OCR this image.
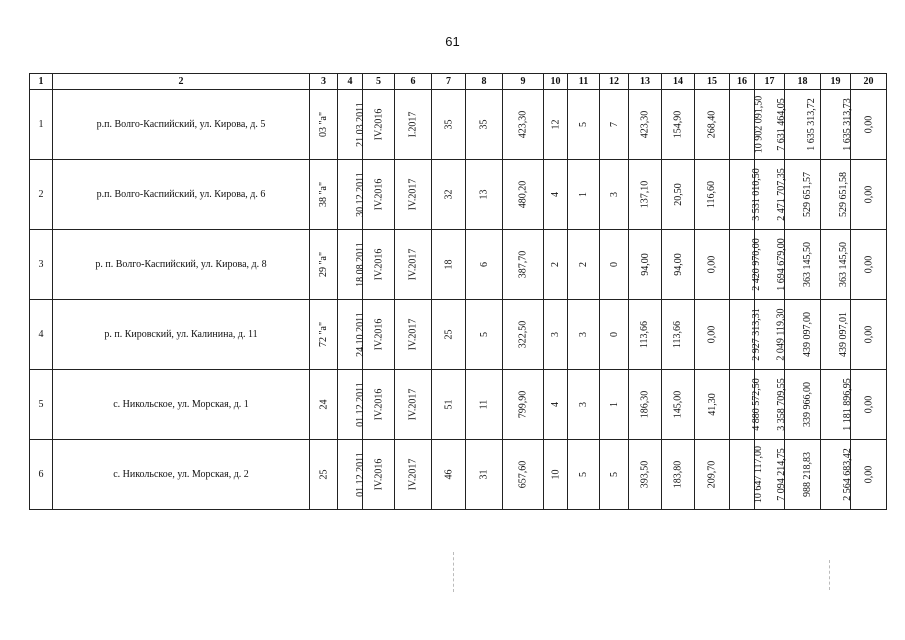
61
1	2	3	4	5	6	7	8	9	10	11	12	13	14	15	16	17	18	19	20
1	р.п. Волго-Каспийский, ул. Кирова, д. 5	03 "а"	21.03.2011	IV.2016	I.2017	35	35	423,30	12	5	7	423,30	154,90	268,40	10 902 091,50	7 631 464,05	1 635 313,72	1 635 313,73	0,00
2	р.п. Волго-Каспийский, ул. Кирова, д. 6	38 "а"	30.12.2011	IV.2016	IV.2017	32	13	480,20	4	1	3	137,10	20,50	116,60	3 531 010,50	2 471 707,35	529 651,57	529 651,58	0,00
3	р. п. Волго-Каспийский, ул. Кирова, д. 8	29 "а"	18.08.2011	IV.2016	IV.2017	18	6	387,70	2	2	0	94,00	94,00	0,00	2 420 970,00	1 694 679,00	363 145,50	363 145,50	0,00
4	р. п. Кировский, ул. Калинина, д. 11	72 "а"	24.10.2011	IV.2016	IV.2017	25	5	322,50	3	3	0	113,66	113,66	0,00	2 927 313,31	2 049 119,30	439 097,00	439 097,01	0,00
5	с. Никольское, ул. Морская, д. 1	24	01.12.2011	IV.2016	IV.2017	51	11	799,90	4	3	1	186,30	145,00	41,30	4 880 572,50	3 358 709,55	339 966,00	1 181 896,95	0,00
6	с. Никольское, ул. Морская, д. 2	25	01.12.2011	IV.2016	IV.2017	46	31	657,60	10	5	5	393,50	183,80	209,70	10 647 117,00	7 094 214,75	988 218,83	2 564 683,42	0,00
